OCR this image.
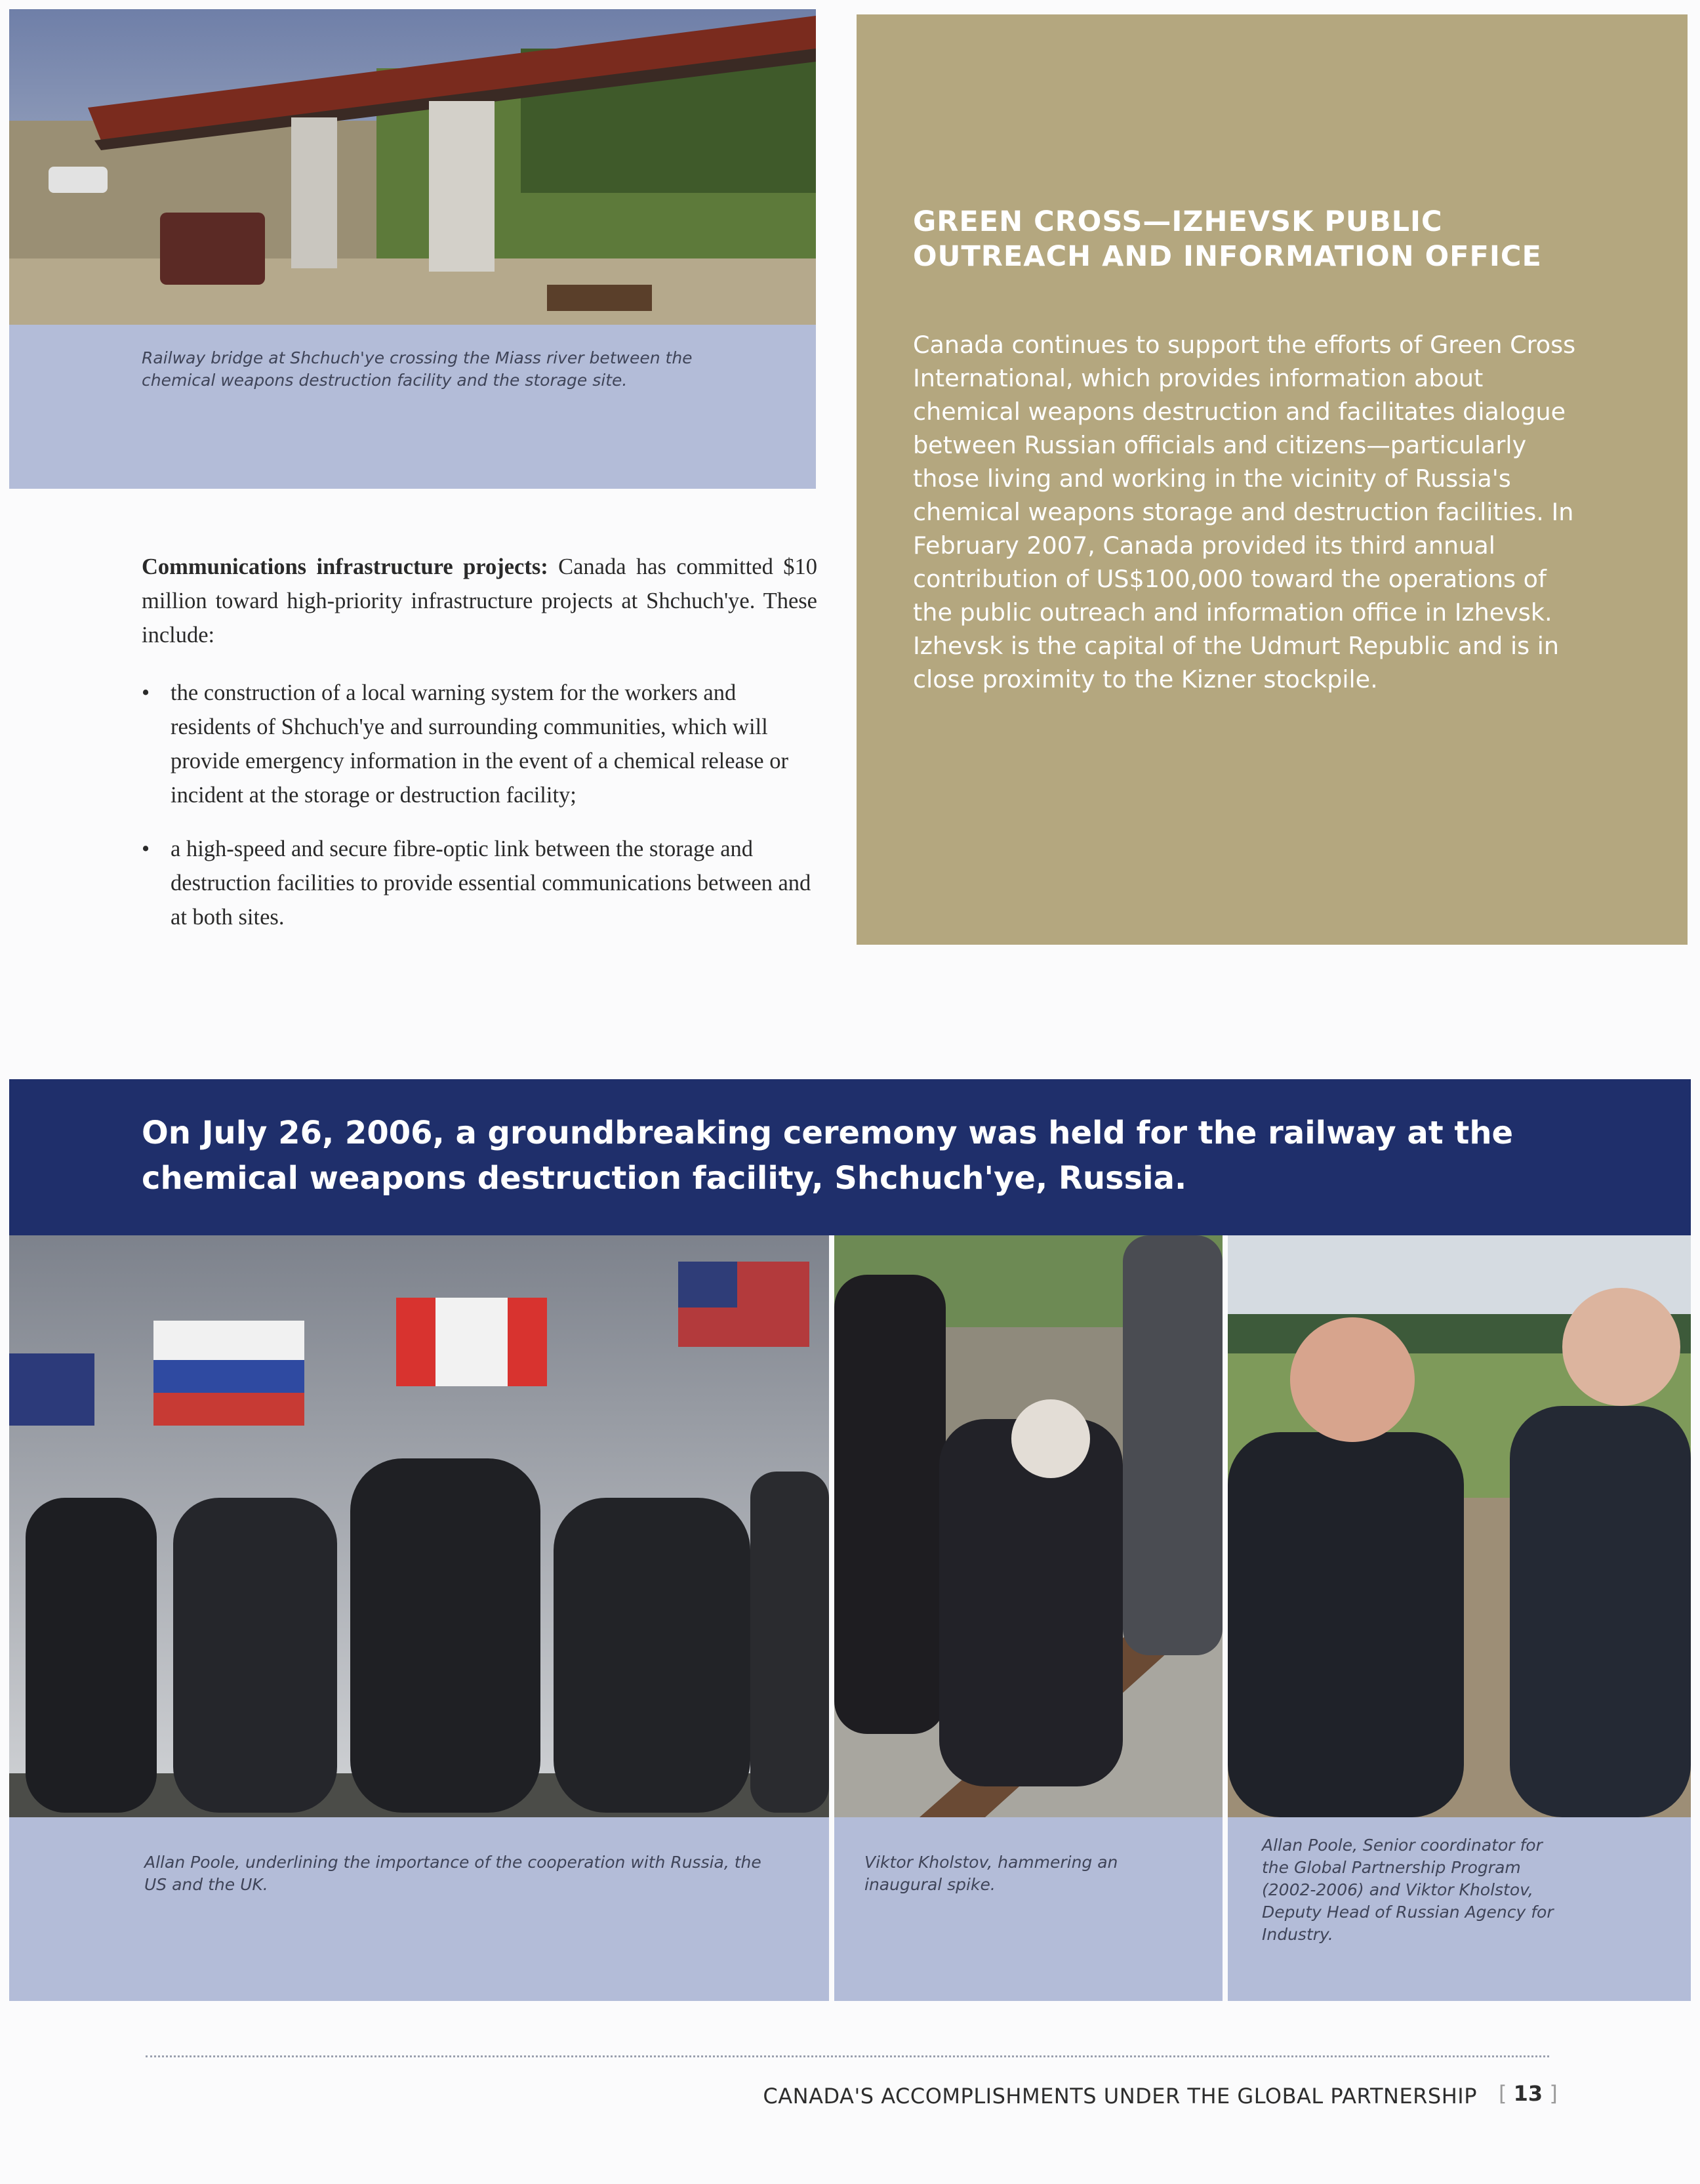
Railway bridge at Shchuch'ye crossing the Miass river between the chemical weapons destruction facility and the storage site.
GREEN CROSS—IZHEVSK PUBLIC OUTREACH AND INFORMATION OFFICE
Canada continues to support the efforts of Green Cross International, which provides information about chemical weapons destruction and facilitates dialogue between Russian officials and citizens—particularly those living and working in the vicinity of Russia's chemical weapons storage and destruction facilities. In February 2007, Canada provided its third annual contribution of US$100,000 toward the operations of the public outreach and information office in Izhevsk. Izhevsk is the capital of the Udmurt Republic and is in close proximity to the Kizner stockpile.

Communications infrastructure projects: Canada has committed $10 million toward high-priority infrastructure projects at Shchuch'ye. These include:

• the construction of a local warning system for the workers and residents of Shchuch'ye and surrounding communities, which will provide emergency information in the event of a chemical release or incident at the storage or destruction facility;
• a high-speed and secure fibre-optic link between the storage and destruction facilities to provide essential communications between and at both sites.
On July 26, 2006, a groundbreaking ceremony was held for the railway at the chemical weapons destruction facility, Shchuch'ye, Russia.
Allan Poole, underlining the importance of the cooperation with Russia, the US and the UK.
Viktor Kholstov, hammering an inaugural spike.
Allan Poole, Senior coordinator for the Global Partnership Program (2002-2006) and Viktor Kholstov, Deputy Head of Russian Agency for Industry.
CANADA'S ACCOMPLISHMENTS UNDER THE GLOBAL PARTNERSHIP [ 13 ]
